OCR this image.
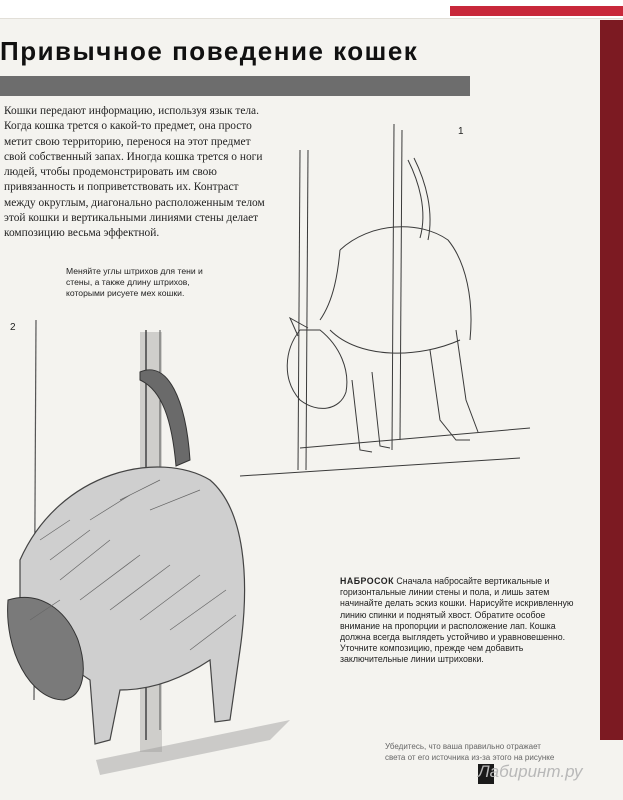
Привычное поведение кошек
Кошки передают информацию, используя язык тела. Когда кошка трется о какой-то предмет, она просто метит свою территорию, перенося на этот предмет свой собственный запах. Иногда кошка трется о ноги людей, чтобы продемонстрировать им свою привязанность и поприветствовать их. Контраст между округлым, диагонально расположенным телом этой кошки и вертикальными линиями стены делает композицию весьма эффектной.
1
2
Меняйте углы штрихов для тени и стены, а также длину штрихов, которыми рисуете мех кошки.
НАБРОСОК Сначала набросайте вертикальные и горизонтальные линии стены и пола, и лишь затем начинайте делать эскиз кошки. Нарисуйте искривленную линию спинки и поднятый хвост. Обратите особое внимание на пропорции и расположение лап. Кошка должна всегда выглядеть устойчиво и уравновешенно. Уточните композицию, прежде чем добавить заключительные линии штриховки.
Убедитесь, что ваша правильно отражает света от его источника из-за этого на рисунке
Лабиринт.ру
